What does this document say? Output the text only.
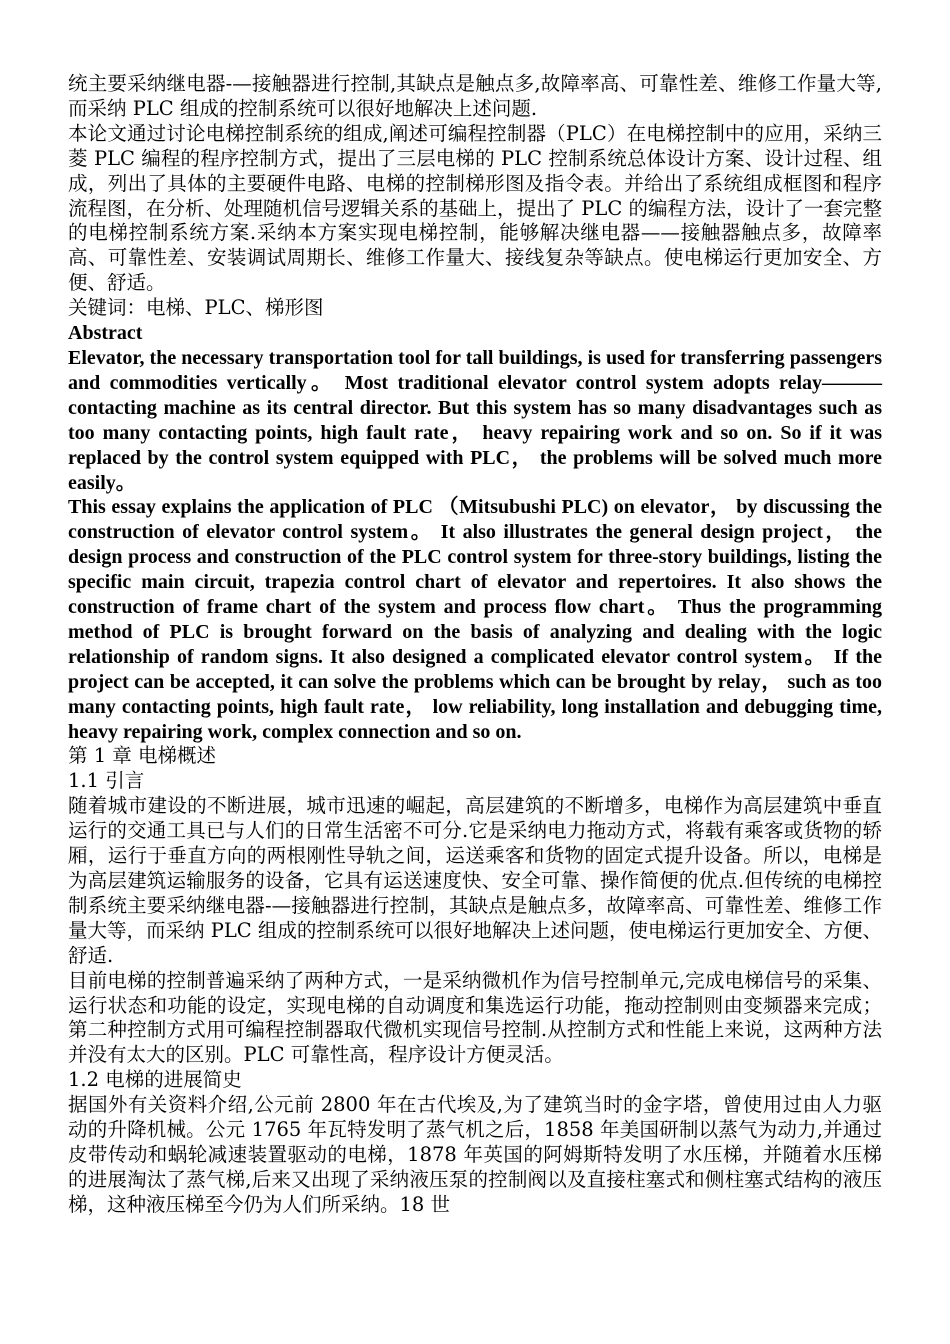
统主要采纳继电器-—接触器进行控制,其缺点是触点多,故障率高、可靠性差、维修工作量大等,而采纳 PLC 组成的控制系统可以很好地解决上述问题.

本论文通过讨论电梯控制系统的组成,阐述可编程控制器（PLC）在电梯控制中的应用，采纳三菱 PLC 编程的程序控制方式，提出了三层电梯的 PLC 控制系统总体设计方案、设计过程、组成，列出了具体的主要硬件电路、电梯的控制梯形图及指令表。并给出了系统组成框图和程序流程图，在分析、处理随机信号逻辑关系的基础上，提出了 PLC 的编程方法，设计了一套完整的电梯控制系统方案.采纳本方案实现电梯控制，能够解决继电器——接触器触点多，故障率高、可靠性差、安装调试周期长、维修工作量大、接线复杂等缺点。使电梯运行更加安全、方便、舒适。

关键词：电梯、PLC、梯形图

Abstract

Elevator, the necessary transportation tool for tall buildings, is used for transferring passengers and commodities vertically。 Most traditional elevator control system adopts relay——— contacting machine as its central director. But this system has so many disadvantages such as too many contacting points, high fault rate， heavy repairing work and so on. So if it was replaced by the control system equipped with PLC， the problems will be solved much more easily。

This essay explains the application of PLC （Mitsubushi PLC) on elevator， by discussing the construction of elevator control system。 It also illustrates the general design project， the design process and construction of the PLC control system for three-story buildings, listing the specific main circuit, trapezia control chart of elevator and repertoires. It also shows the construction of frame chart of the system and process flow chart。 Thus the programming method of PLC is brought forward on the basis of analyzing and dealing with the logic relationship of random signs. It also designed a complicated elevator control system。 If the project can be accepted, it can solve the problems which can be brought by relay， such as too many contacting points, high fault rate， low reliability, long installation and debugging time, heavy repairing work, complex connection and so on.

第 1 章 电梯概述

1.1 引言

随着城市建设的不断进展，城市迅速的崛起，高层建筑的不断增多，电梯作为高层建筑中垂直运行的交通工具已与人们的日常生活密不可分.它是采纳电力拖动方式，将载有乘客或货物的轿厢，运行于垂直方向的两根刚性导轨之间，运送乘客和货物的固定式提升设备。所以，电梯是为高层建筑运输服务的设备，它具有运送速度快、安全可靠、操作简便的优点.但传统的电梯控制系统主要采纳继电器-—接触器进行控制，其缺点是触点多，故障率高、可靠性差、维修工作量大等，而采纳 PLC 组成的控制系统可以很好地解决上述问题，使电梯运行更加安全、方便、舒适.

目前电梯的控制普遍采纳了两种方式，一是采纳微机作为信号控制单元,完成电梯信号的采集、运行状态和功能的设定，实现电梯的自动调度和集选运行功能，拖动控制则由变频器来完成；第二种控制方式用可编程控制器取代微机实现信号控制.从控制方式和性能上来说，这两种方法并没有太大的区别。PLC 可靠性高，程序设计方便灵活。

1.2 电梯的进展简史

据国外有关资料介绍,公元前 2800 年在古代埃及,为了建筑当时的金字塔，曾使用过由人力驱动的升降机械。公元 1765 年瓦特发明了蒸气机之后，1858 年美国研制以蒸气为动力,并通过皮带传动和蜗轮减速装置驱动的电梯，1878 年英国的阿姆斯特发明了水压梯，并随着水压梯的进展淘汰了蒸气梯,后来又出现了采纳液压泵的控制阀以及直接柱塞式和侧柱塞式结构的液压梯，这种液压梯至今仍为人们所采纳。18 世
